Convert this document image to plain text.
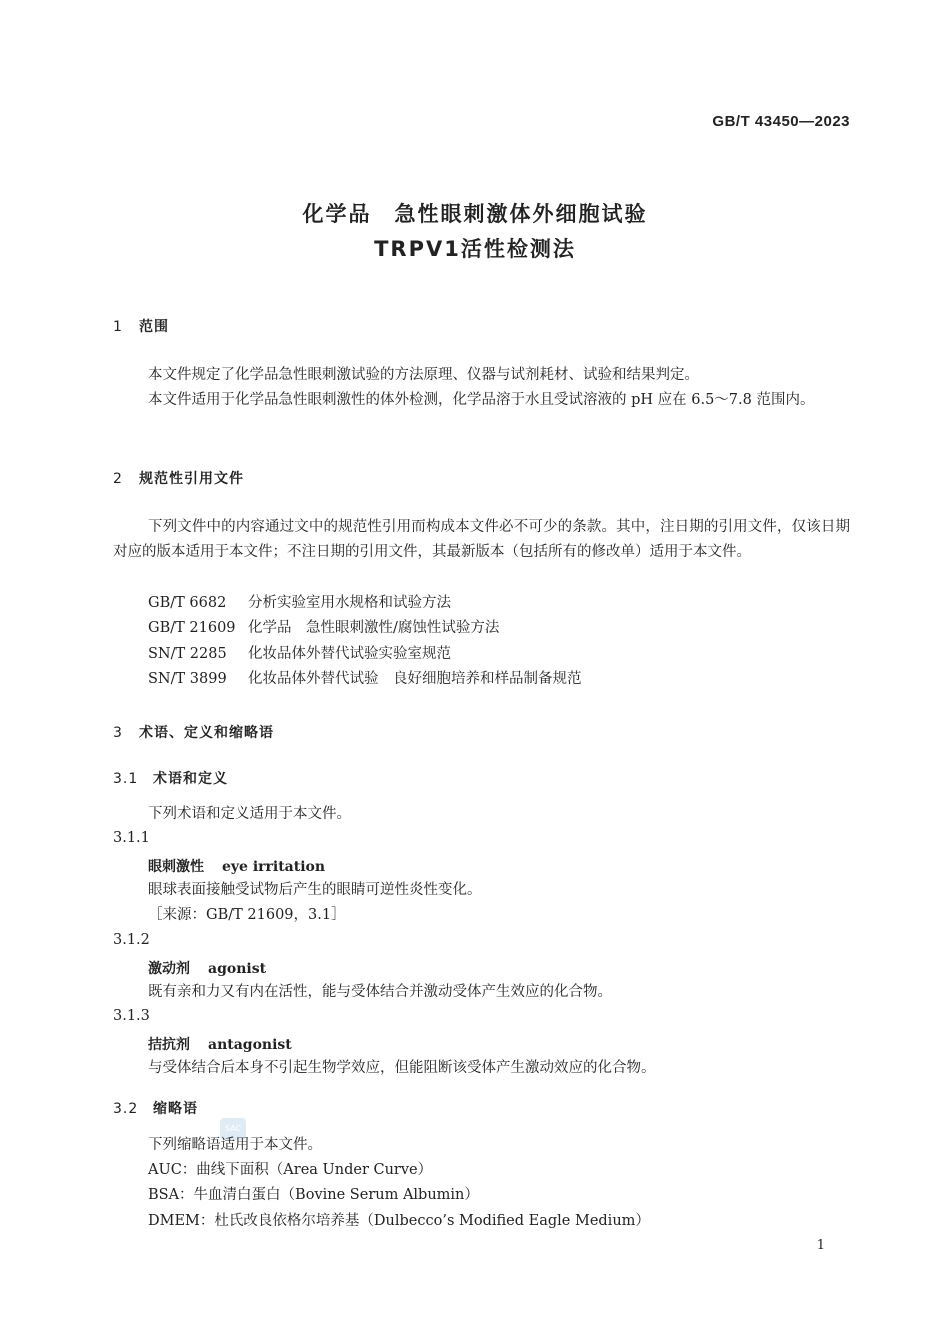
GB/T 43450—2023
化学品　急性眼刺激体外细胞试验
TRPV1活性检测法
1 范围
本文件规定了化学品急性眼刺激试验的方法原理、仪器与试剂耗材、试验和结果判定。
本文件适用于化学品急性眼刺激性的体外检测，化学品溶于水且受试溶液的 pH 应在 6.5～7.8 范围内。
2 规范性引用文件
下列文件中的内容通过文中的规范性引用而构成本文件必不可少的条款。其中，注日期的引用文件，仅该日期对应的版本适用于本文件；不注日期的引用文件，其最新版本（包括所有的修改单）适用于本文件。
GB/T 6682 分析实验室用水规格和试验方法
GB/T 21609 化学品　急性眼刺激性/腐蚀性试验方法
SN/T 2285 化妆品体外替代试验实验室规范
SN/T 3899 化妆品体外替代试验　良好细胞培养和样品制备规范
3 术语、定义和缩略语
3.1 术语和定义
下列术语和定义适用于本文件。
3.1.1
眼刺激性 eye irritation
眼球表面接触受试物后产生的眼睛可逆性炎性变化。
［来源：GB/T 21609，3.1］
3.1.2
激动剂 agonist
既有亲和力又有内在活性，能与受体结合并激动受体产生效应的化合物。
3.1.3
拮抗剂 antagonist
与受体结合后本身不引起生物学效应，但能阻断该受体产生激动效应的化合物。
3.2 缩略语
SAC
下列缩略语适用于本文件。
AUC：曲线下面积（Area Under Curve）
BSA：牛血清白蛋白（Bovine Serum Albumin）
DMEM：杜氏改良依格尔培养基（Dulbecco’s Modified Eagle Medium）
1
